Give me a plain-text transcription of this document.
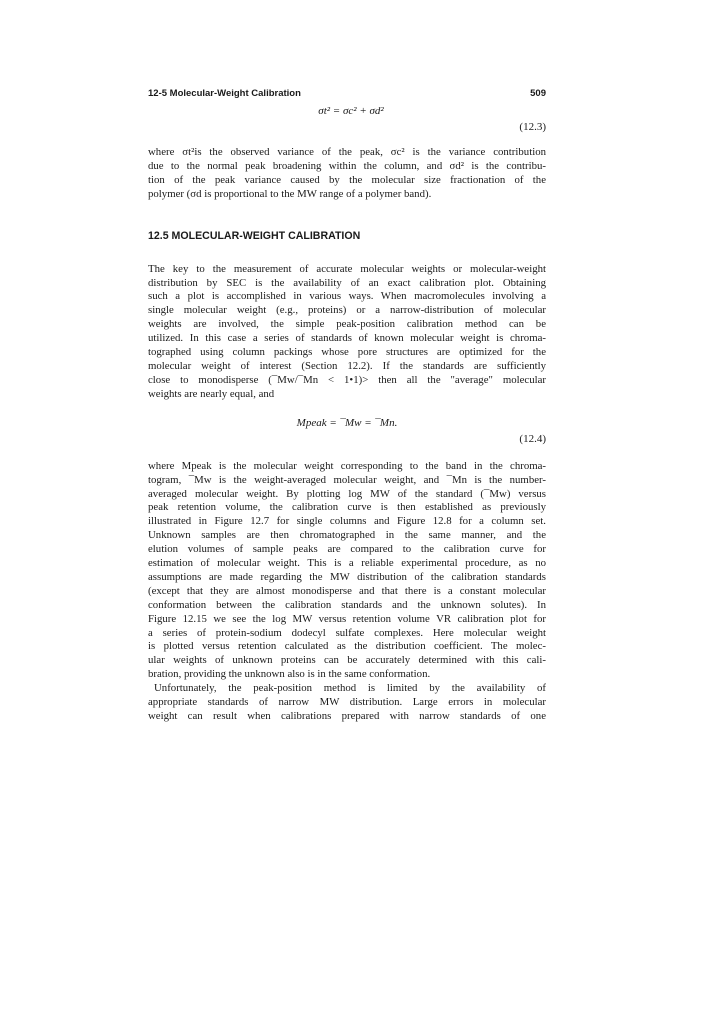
12-5 Molecular-Weight Calibration	509
σt² = σc² + σd²
(12.3)

where σt²is the observed variance of the peak, σc² is the variance contribution
due to the normal peak broadening within the column, and σd² is the contribu-
tion of the peak variance caused by the molecular size fractionation of the
polymer (σd is proportional to the MW range of a polymer band).

12.5 MOLECULAR-WEIGHT CALIBRATION

The key to the measurement of accurate molecular weights or molecular-weight
distribution by SEC is the availability of an exact calibration plot. Obtaining
such a plot is accomplished in various ways. When macromolecules involving a
single molecular weight (e.g., proteins) or a narrow-distribution of molecular
weights are involved, the simple peak-position calibration method can be
utilized. In this case a series of standards of known molecular weight is chroma-
tographed using column packings whose pore structures are optimized for the
molecular weight of interest (Section 12.2). If the standards are sufficiently
close to monodisperse (¯Mw/¯Mn < 1•1)> then all the "average" molecular
weights are nearly equal, and

Mpeak = ¯Mw = ¯Mn.
(12.4)

where Mpeak is the molecular weight corresponding to the band in the chroma-
togram, ¯Mw is the weight-averaged molecular weight, and ¯Mn is the number-
averaged molecular weight. By plotting log MW of the standard (¯Mw) versus
peak retention volume, the calibration curve is then established as previously
illustrated in Figure 12.7 for single columns and Figure 12.8 for a column set.
Unknown samples are then chromatographed in the same manner, and the
elution volumes of sample peaks are compared to the calibration curve for
estimation of molecular weight. This is a reliable experimental procedure, as no
assumptions are made regarding the MW distribution of the calibration standards
(except that they are almost monodisperse and that there is a constant molecular
conformation between the calibration standards and the unknown solutes). In
Figure 12.15 we see the log MW versus retention volume VR calibration plot for
a series of protein-sodium dodecyl sulfate complexes. Here molecular weight
is plotted versus retention calculated as the distribution coefficient. The molec-
ular weights of unknown proteins can be accurately determined with this cali-
bration, providing the unknown also is in the same conformation.

Unfortunately, the peak-position method is limited by the availability of
appropriate standards of narrow MW distribution. Large errors in molecular
weight can result when calibrations prepared with narrow standards of one
